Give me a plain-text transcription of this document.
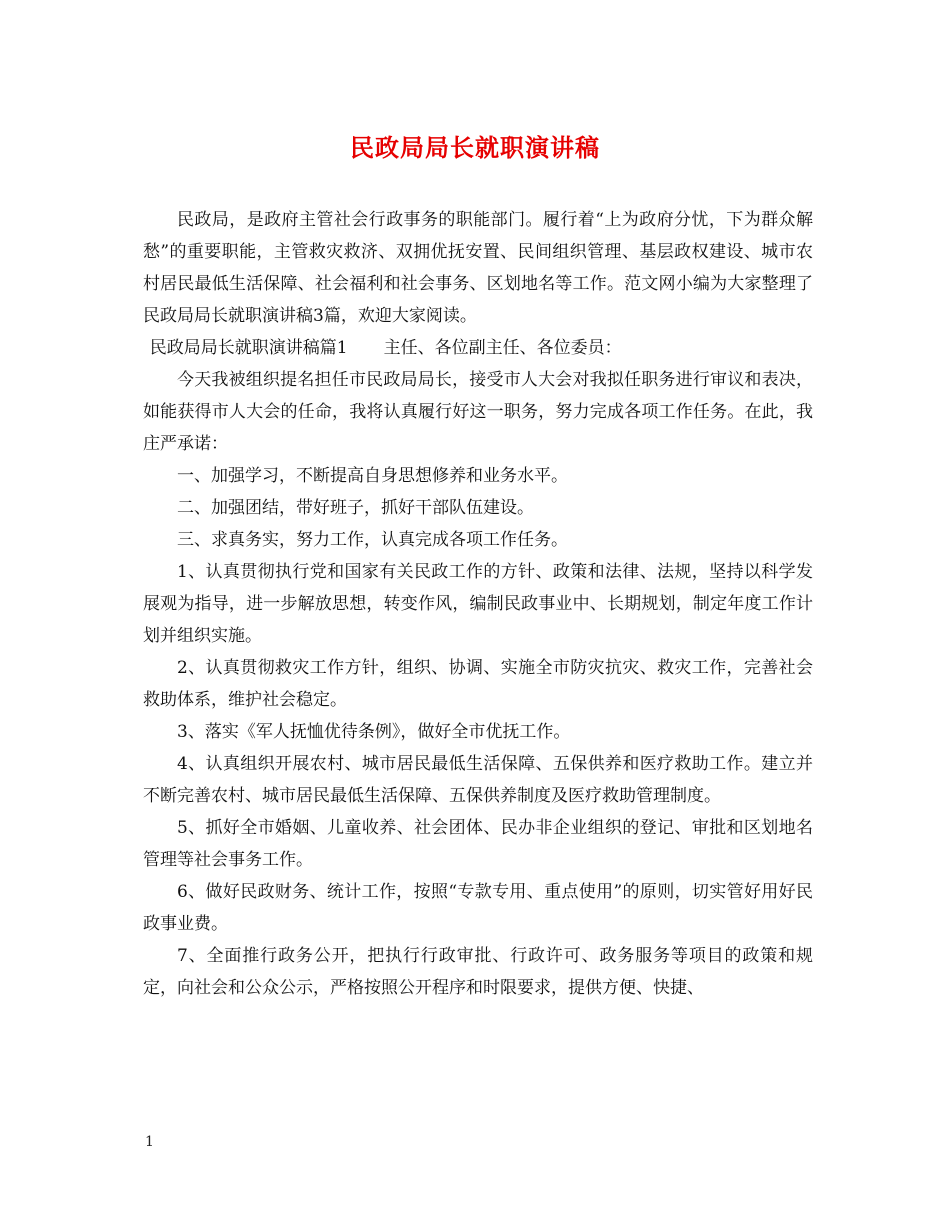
民政局局长就职演讲稿

民政局，是政府主管社会行政事务的职能部门。履行着“上为政府分忧，下为群众解愁”的重要职能，主管救灾救济、双拥优抚安置、民间组织管理、基层政权建设、城市农村居民最低生活保障、社会福利和社会事务、区划地名等工作。范文网小编为大家整理了 民政局局长就职演讲稿3篇，欢迎大家阅读。

民政局局长就职演讲稿篇1 主任、各位副主任、各位委员：

今天我被组织提名担任市民政局局长，接受市人大会对我拟任职务进行审议和表决，如能获得市人大会的任命，我将认真履行好这一职务，努力完成各项工作任务。在此，我庄严承诺：

一、加强学习，不断提高自身思想修养和业务水平。

二、加强团结，带好班子，抓好干部队伍建设。

三、求真务实，努力工作，认真完成各项工作任务。

1、认真贯彻执行党和国家有关民政工作的方针、政策和法律、法规，坚持以科学发展观为指导，进一步解放思想，转变作风，编制民政事业中、长期规划，制定年度工作计划并组织实施。

2、认真贯彻救灾工作方针，组织、协调、实施全市防灾抗灾、救灾工作，完善社会救助体系，维护社会稳定。

3、落实《军人抚恤优待条例》，做好全市优抚工作。

4、认真组织开展农村、城市居民最低生活保障、五保供养和医疗救助工作。建立并不断完善农村、城市居民最低生活保障、五保供养制度及医疗救助管理制度。

5、抓好全市婚姻、儿童收养、社会团体、民办非企业组织的登记、审批和区划地名管理等社会事务工作。

6、做好民政财务、统计工作，按照“专款专用、重点使用”的原则，切实管好用好民政事业费。

7、全面推行政务公开，把执行行政审批、行政许可、政务服务等项目的政策和规定，向社会和公众公示，严格按照公开程序和时限要求，提供方便、快捷、

1
